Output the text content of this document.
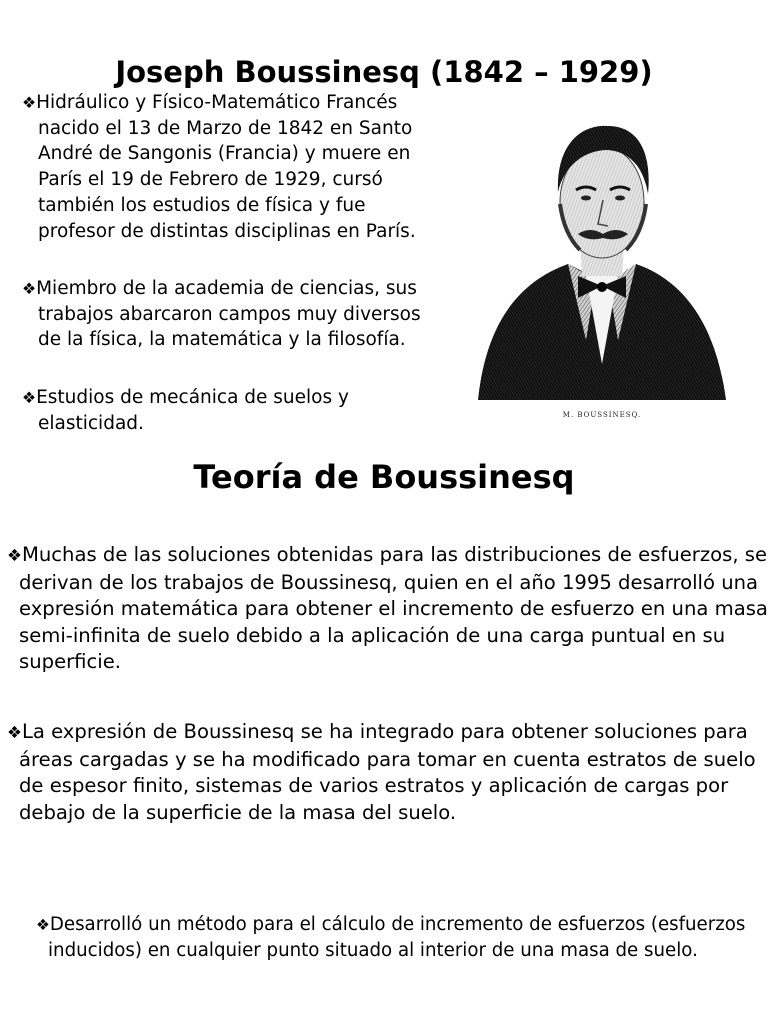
Joseph Boussinesq (1842 – 1929)

❖Hidráulico y Físico-Matemático Francés nacido el 13 de Marzo de 1842 en Santo André de Sangonis (Francia) y muere en París el 19 de Febrero de 1929, cursó también los estudios de física y fue profesor de distintas disciplinas en París.

❖Miembro de la academia de ciencias, sus trabajos abarcaron campos muy diversos de la física, la matemática y la filosofía.

❖Estudios de mecánica de suelos y elasticidad.	M. BOUSSINESQ.
Teoría de Boussinesq

❖Muchas de las soluciones obtenidas para las distribuciones de esfuerzos, se derivan de los trabajos de Boussinesq, quien en el año 1995 desarrolló una expresión matemática para obtener el incremento de esfuerzo en una masa semi-infinita de suelo debido a la aplicación de una carga puntual en su superficie.

❖La expresión de Boussinesq se ha integrado para obtener soluciones para áreas cargadas y se ha modificado para tomar en cuenta estratos de suelo de espesor finito, sistemas de varios estratos y aplicación de cargas por debajo de la superficie de la masa del suelo.

❖Desarrolló un método para el cálculo de incremento de esfuerzos (esfuerzos inducidos) en cualquier punto situado al interior de una masa de suelo.
